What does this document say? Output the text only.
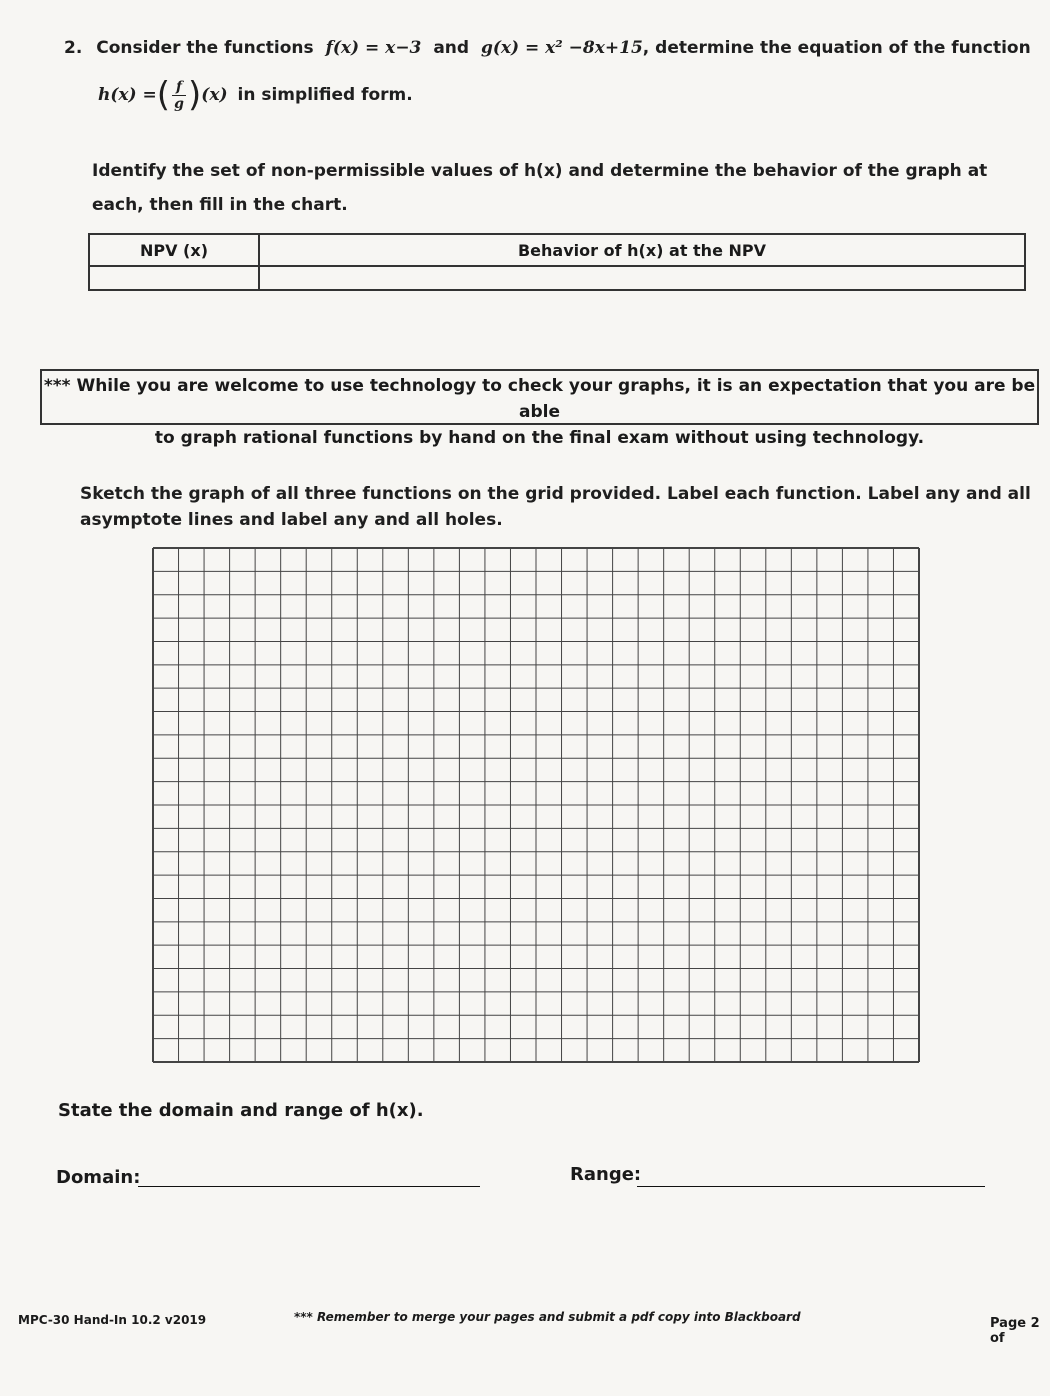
2. Consider the functions f(x) = x−3 and g(x) = x² −8x+15, determine the equation of the function
h(x) = ( $\frac{f}{g}$ ) (x) in simplified form.
Identify the set of non-permissible values of h(x) and determine the behavior of the graph at each, then fill in the chart.
NPV (x)	Behavior of h(x) at the NPV

*** While you are welcome to use technology to check your graphs, it is an expectation that you are be able
to graph rational functions by hand on the final exam without using technology.
Sketch the graph of all three functions on the grid provided. Label each function. Label any and all
asymptote lines and label any and all holes.
State the domain and range of h(x).
Domain:	Range:
MPC-30 Hand-In 10.2 v2019	*** Remember to merge your pages and submit a pdf copy into Blackboard	Page 2 of
